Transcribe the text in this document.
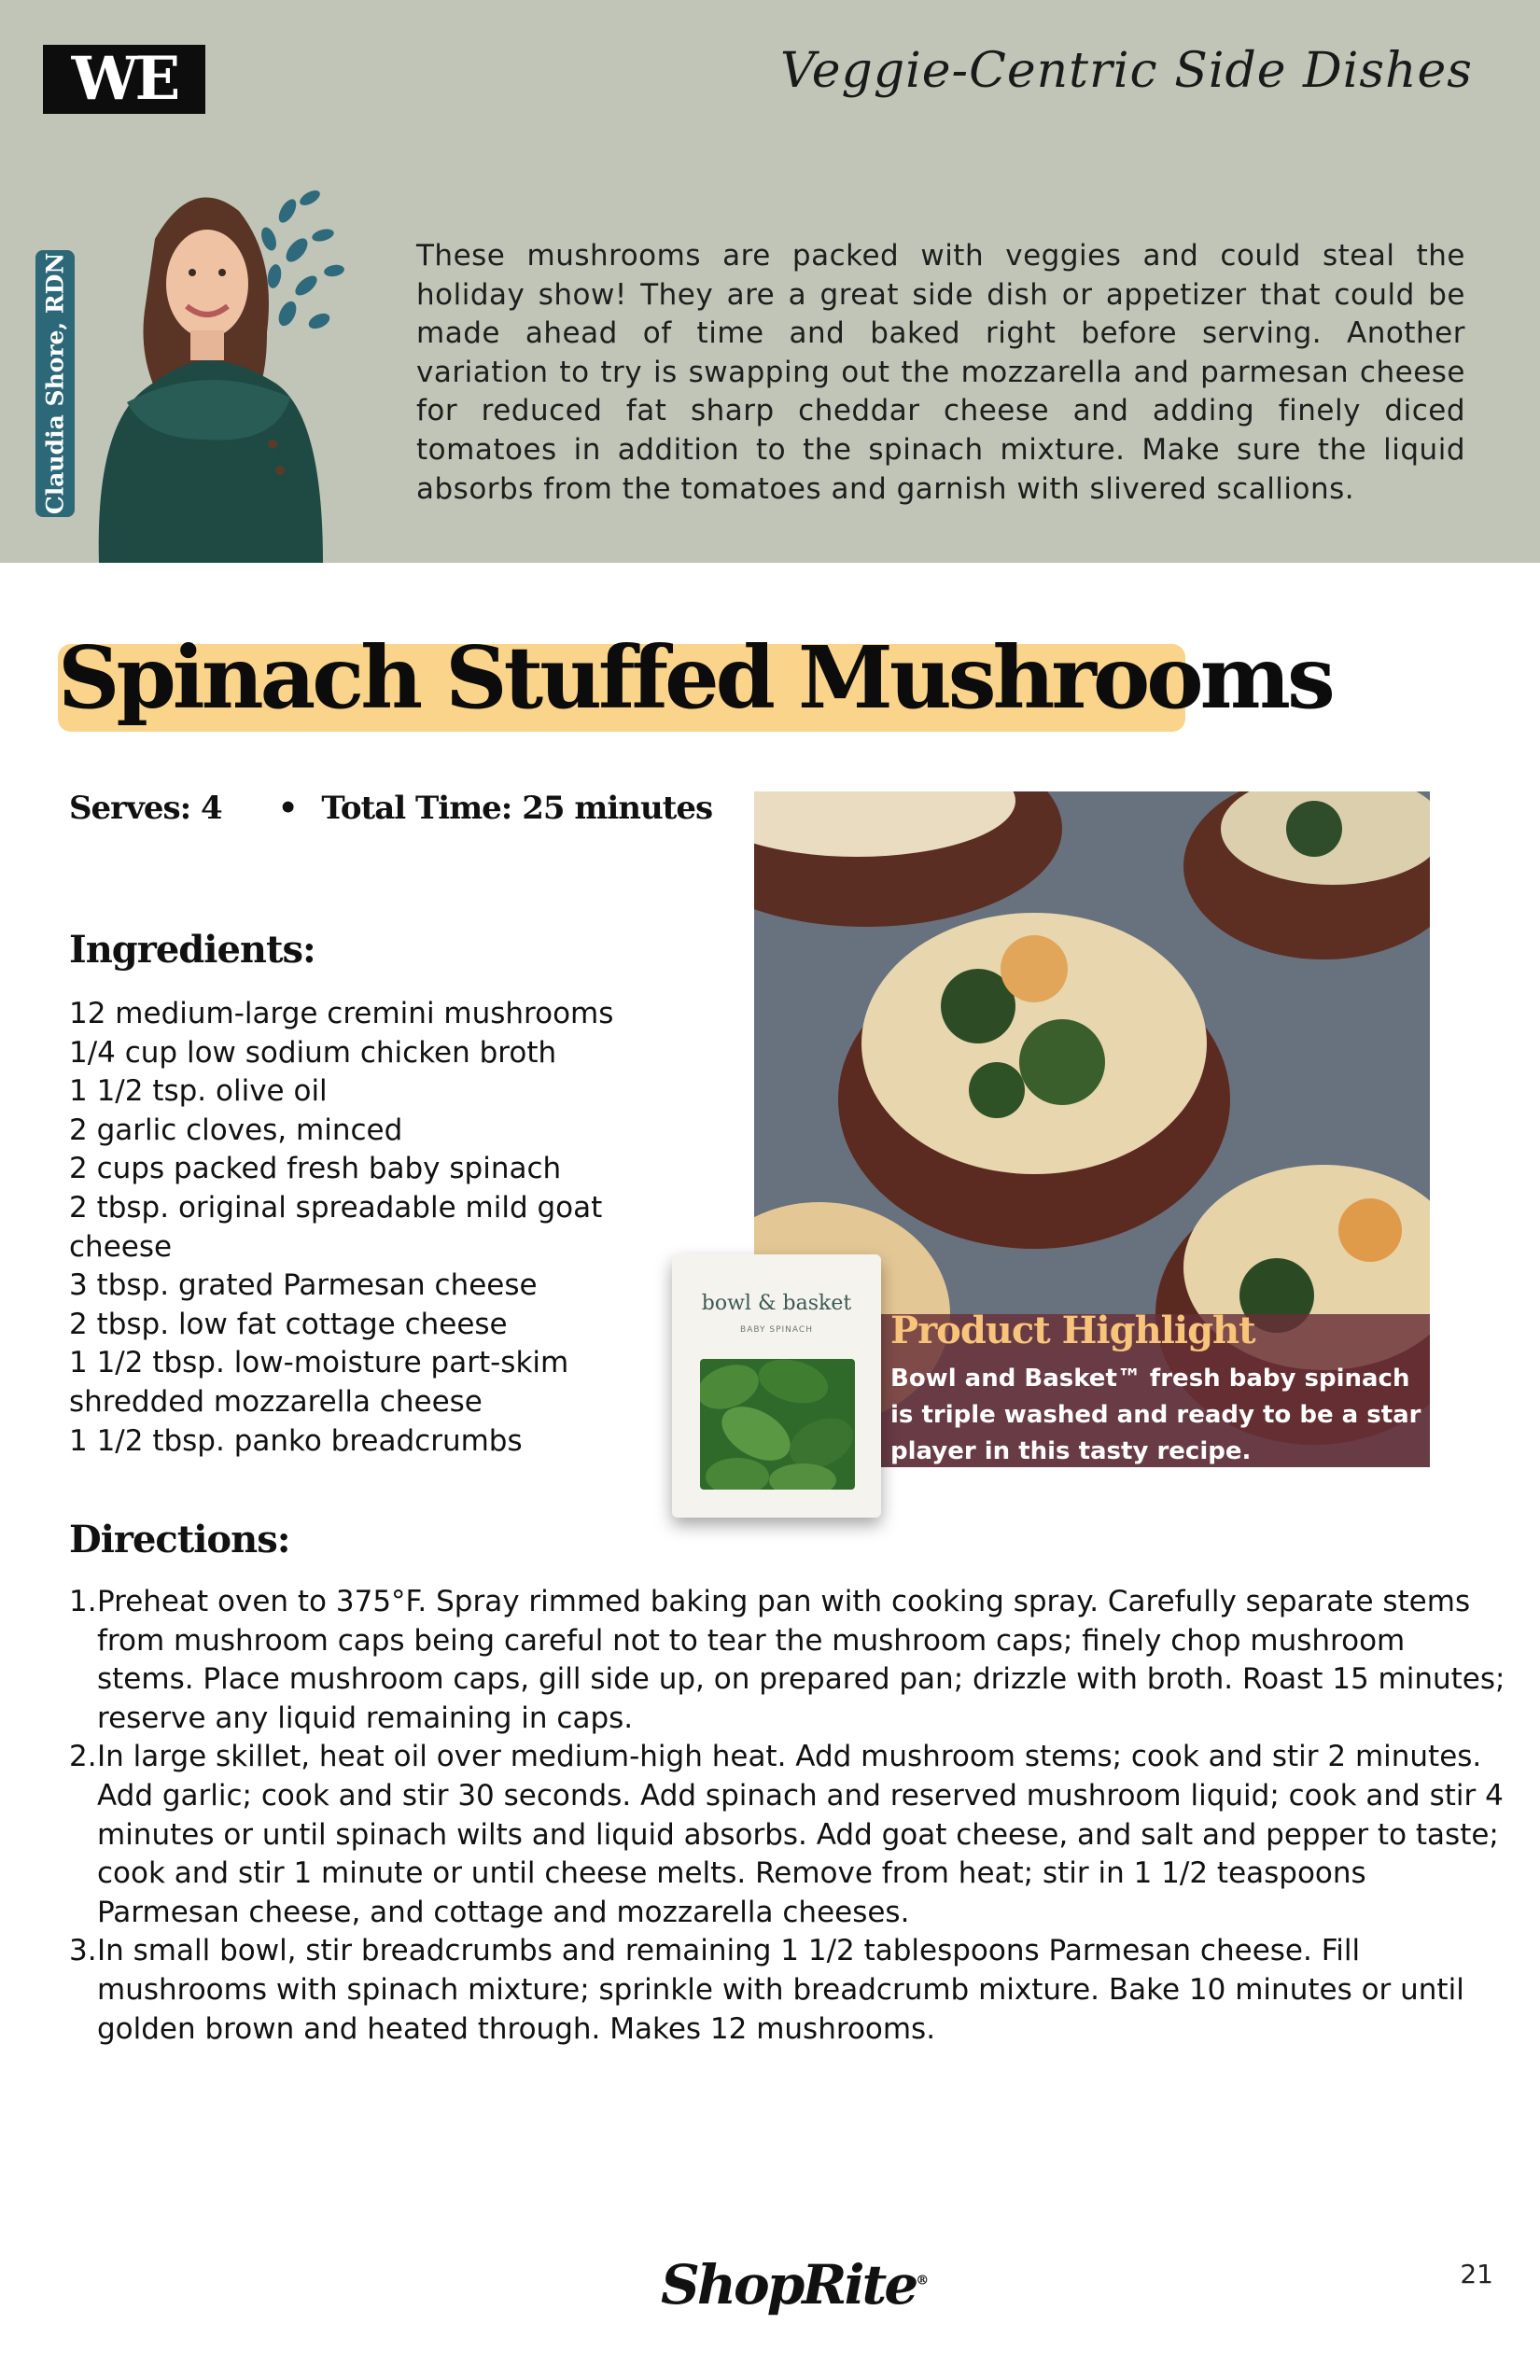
WE	Veggie-Centric Side Dishes
Claudia Shore, RDN	These mushrooms are packed with veggies and could steal the holiday show! They are a great side dish or appetizer that could be made ahead of time and baked right before serving. Another variation to try is swapping out the mozzarella and parmesan cheese for reduced fat sharp cheddar cheese and adding finely diced tomatoes in addition to the spinach mixture. Make sure the liquid absorbs from the tomatoes and garnish with slivered scallions.

Spinach Stuffed Mushrooms
Serves: 4 • Total Time: 25 minutes
Ingredients:
12 medium-large cremini mushrooms
1/4 cup low sodium chicken broth
1 1/2 tsp. olive oil
2 garlic cloves, minced
2 cups packed fresh baby spinach
2 tbsp. original spreadable mild goat cheese
3 tbsp. grated Parmesan cheese
2 tbsp. low fat cottage cheese
1 1/2 tbsp. low-moisture part-skim
shredded mozzarella cheese
1 1/2 tbsp. panko breadcrumbs
Product Highlight

Bowl and Basket™ fresh baby spinach is triple washed and ready to be a star player in this tasty recipe.

bowl & basket
BABY SPINACH
Directions:
1. Preheat oven to 375°F. Spray rimmed baking pan with cooking spray. Carefully separate stems from mushroom caps being careful not to tear the mushroom caps; finely chop mushroom stems. Place mushroom caps, gill side up, on prepared pan; drizzle with broth. Roast 15 minutes; reserve any liquid remaining in caps.
2. In large skillet, heat oil over medium-high heat. Add mushroom stems; cook and stir 2 minutes. Add garlic; cook and stir 30 seconds. Add spinach and reserved mushroom liquid; cook and stir 4 minutes or until spinach wilts and liquid absorbs. Add goat cheese, and salt and pepper to taste; cook and stir 1 minute or until cheese melts. Remove from heat; stir in 1 1/2 teaspoons Parmesan cheese, and cottage and mozzarella cheeses.
3. In small bowl, stir breadcrumbs and remaining 1 1/2 tablespoons Parmesan cheese. Fill mushrooms with spinach mixture; sprinkle with breadcrumb mixture. Bake 10 minutes or until golden brown and heated through. Makes 12 mushrooms.
ShopRite®	21
